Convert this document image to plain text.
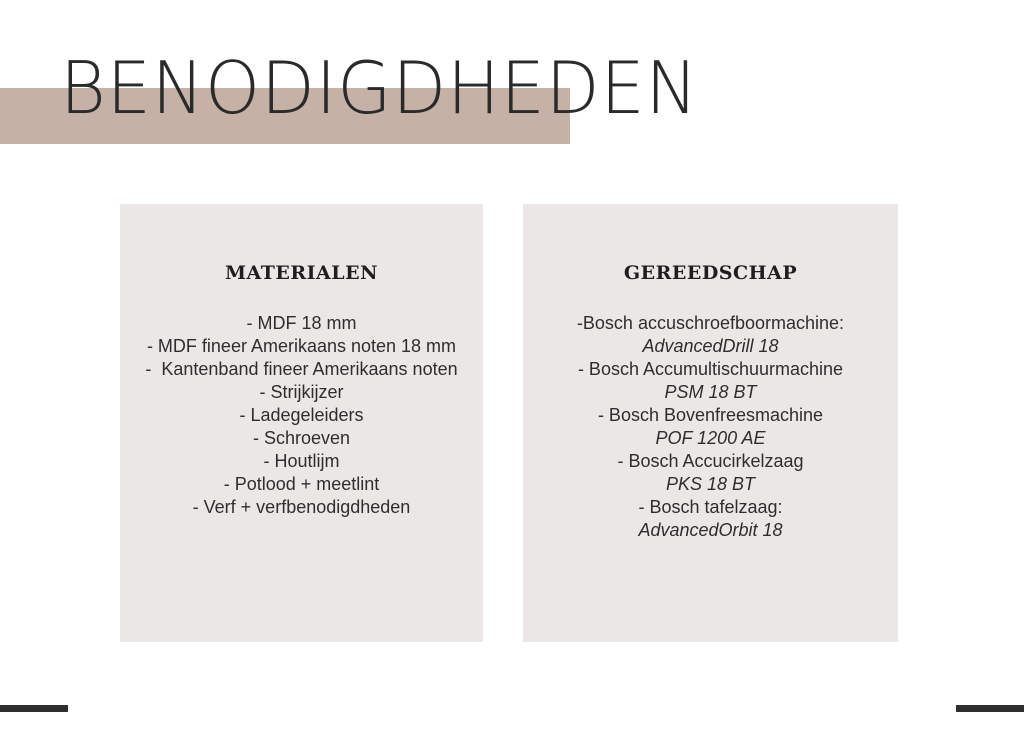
BENODIGDHEDEN
MATERIALEN
- MDF 18 mm
- MDF fineer Amerikaans noten 18 mm
-  Kantenband fineer Amerikaans noten
- Strijkijzer
- Ladegeleiders
- Schroeven
- Houtlijm
- Potlood + meetlint
- Verf + verfbenodigdheden
GEREEDSCHAP
-Bosch accuschroefboormachine:
AdvancedDrill 18
- Bosch Accumultischuurmachine
PSM 18 BT
- Bosch Bovenfreesmachine
POF 1200 AE
- Bosch Accucirkelzaag
PKS 18 BT
- Bosch tafelzaag:
AdvancedOrbit 18
